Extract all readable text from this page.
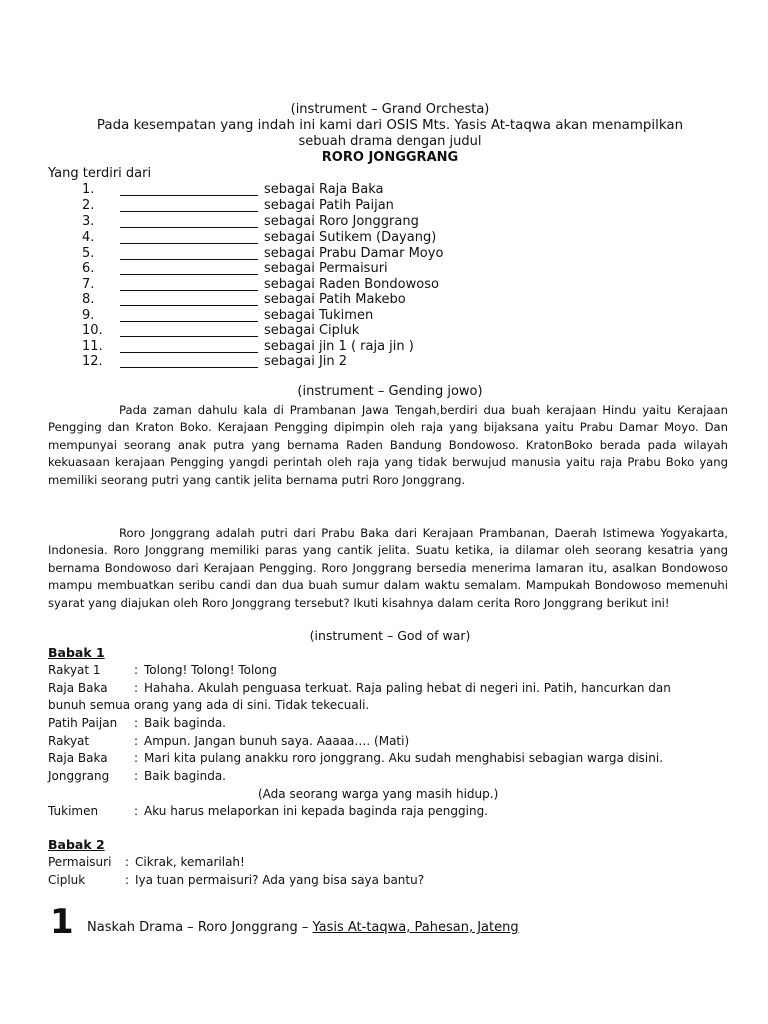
(instrument – Grand Orchesta)
Pada kesempatan yang indah ini kami dari OSIS Mts. Yasis At-taqwa akan menampilkan
sebuah drama dengan judul
RORO JONGGRANG
Yang terdiri dari
1.	sebagai Raja Baka
2.	sebagai Patih Paijan
3.	sebagai Roro Jonggrang
4.	sebagai Sutikem (Dayang)
5.	sebagai Prabu Damar Moyo
6.	sebagai Permaisuri
7.	sebagai Raden Bondowoso
8.	sebagai Patih Makebo
9.	sebagai Tukimen
10.	sebagai Cipluk
11.	sebagai jin 1 ( raja jin )
12.	sebagai Jin 2
(instrument – Gending jowo)

Pada zaman dahulu kala di Prambanan Jawa Tengah,berdiri dua buah kerajaan Hindu yaitu Kerajaan Pengging dan Kraton Boko. Kerajaan Pengging dipimpin oleh raja yang bijaksana yaitu Prabu Damar Moyo. Dan mempunyai seorang anak putra yang bernama Raden Bandung Bondowoso. KratonBoko berada pada wilayah kekuasaan kerajaan Pengging yangdi perintah oleh raja yang tidak berwujud manusia yaitu raja Prabu Boko yang memiliki seorang putri yang cantik jelita bernama putri Roro Jonggrang.

Roro Jonggrang adalah putri dari Prabu Baka dari Kerajaan Prambanan, Daerah Istimewa Yogyakarta, Indonesia. Roro Jonggrang memiliki paras yang cantik jelita. Suatu ketika, ia dilamar oleh seorang kesatria yang bernama Bondowoso dari Kerajaan Pengging. Roro Jonggrang bersedia menerima lamaran itu, asalkan Bondowoso mampu membuatkan seribu candi dan dua buah sumur dalam waktu semalam. Mampukah Bondowoso memenuhi syarat yang diajukan oleh Roro Jonggrang tersebut? Ikuti kisahnya dalam cerita Roro Jonggrang berikut ini!

(instrument – God of war)
Babak 1
Rakyat 1	: Tolong! Tolong! Tolong
Raja Baka : Hahaha. Akulah penguasa terkuat. Raja paling hebat di negeri ini. Patih, hancurkan dan
bunuh semua orang yang ada di sini. Tidak tekecuali.
Patih Paijan : Baik baginda.
Rakyat	: Ampun. Jangan bunuh saya. Aaaaa…. (Mati)
Raja Baka : Mari kita pulang anakku roro jonggrang. Aku sudah menghabisi sebagian warga disini.
Jonggrang : Baik baginda.
(Ada seorang warga yang masih hidup.)
Tukimen	: Aku harus melaporkan ini kepada baginda raja pengging.
Babak 2
Permaisuri : Cikrak, kemarilah!
Cipluk	: Iya tuan permaisuri? Ada yang bisa saya bantu?
1 Naskah Drama – Roro Jonggrang – Yasis At-taqwa, Pahesan, Jateng
